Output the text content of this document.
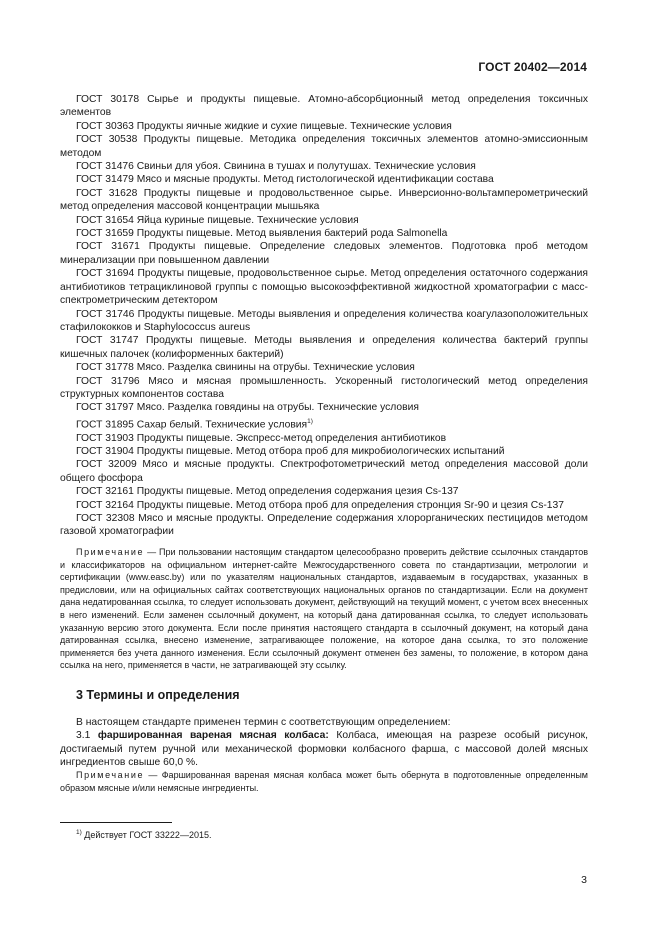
ГОСТ 20402—2014

ГОСТ 30178 Сырье и продукты пищевые. Атомно-абсорбционный метод определения токсичных элементов

ГОСТ 30363 Продукты яичные жидкие и сухие пищевые. Технические условия

ГОСТ 30538 Продукты пищевые. Методика определения токсичных элементов атомно-эмиссионным методом

ГОСТ 31476 Свиньи для убоя. Свинина в тушах и полутушах. Технические условия

ГОСТ 31479 Мясо и мясные продукты. Метод гистологической идентификации состава

ГОСТ 31628 Продукты пищевые и продовольственное сырье. Инверсионно-вольтамперометрический метод определения массовой концентрации мышьяка

ГОСТ 31654 Яйца куриные пищевые. Технические условия

ГОСТ 31659 Продукты пищевые. Метод выявления бактерий рода Salmonella

ГОСТ 31671 Продукты пищевые. Определение следовых элементов. Подготовка проб методом минерализации при повышенном давлении

ГОСТ 31694 Продукты пищевые, продовольственное сырье. Метод определения остаточного содержания антибиотиков тетрациклиновой группы с помощью высокоэффективной жидкостной хроматографии с масс-спектрометрическим детектором

ГОСТ 31746 Продукты пищевые. Методы выявления и определения количества коагулазоположительных стафилококков и Staphylococcus aureus

ГОСТ 31747 Продукты пищевые. Методы выявления и определения количества бактерий группы кишечных палочек (колиформенных бактерий)

ГОСТ 31778 Мясо. Разделка свинины на отрубы. Технические условия

ГОСТ 31796 Мясо и мясная промышленность. Ускоренный гистологический метод определения структурных компонентов состава

ГОСТ 31797 Мясо. Разделка говядины на отрубы. Технические условия

ГОСТ 31895 Сахар белый. Технические условия$^{1)}$

ГОСТ 31903 Продукты пищевые. Экспресс-метод определения антибиотиков

ГОСТ 31904 Продукты пищевые. Метод отбора проб для микробиологических испытаний

ГОСТ 32009 Мясо и мясные продукты. Спектрофотометрический метод определения массовой доли общего фосфора

ГОСТ 32161 Продукты пищевые. Метод определения содержания цезия Cs-137

ГОСТ 32164 Продукты пищевые. Метод отбора проб для определения стронция Sr-90 и цезия Cs-137

ГОСТ 32308 Мясо и мясные продукты. Определение содержания хлорорганических пестицидов методом газовой хроматографии

Примечание — При пользовании настоящим стандартом целесообразно проверить действие ссылочных стандартов и классификаторов на официальном интернет-сайте Межгосударственного совета по стандартизации, метрологии и сертификации (www.easc.by) или по указателям национальных стандартов, издаваемым в государствах, указанных в предисловии, или на официальных сайтах соответствующих национальных органов по стандартизации. Если на документ дана недатированная ссылка, то следует использовать документ, действующий на текущий момент, с учетом всех внесенных в него изменений. Если заменен ссылочный документ, на который дана датированная ссылка, то следует использовать указанную версию этого документа. Если после принятия настоящего стандарта в ссылочный документ, на который дана датированная ссылка, внесено изменение, затрагивающее положение, на которое дана ссылка, то это положение применяется без учета данного изменения. Если ссылочный документ отменен без замены, то положение, в котором дана ссылка на него, применяется в части, не затрагивающей эту ссылку.

3 Термины и определения

В настоящем стандарте применен термин с соответствующим определением:

3.1 фаршированная вареная мясная колбаса: Колбаса, имеющая на разрезе особый рисунок, достигаемый путем ручной или механической формовки колбасного фарша, с массовой долей мясных ингредиентов свыше 60,0 %.

Примечание — Фаршированная вареная мясная колбаса может быть обернута в подготовленные определенным образом мясные и/или немясные ингредиенты.

$^{1)}$ Действует ГОСТ 33222—2015.
3
